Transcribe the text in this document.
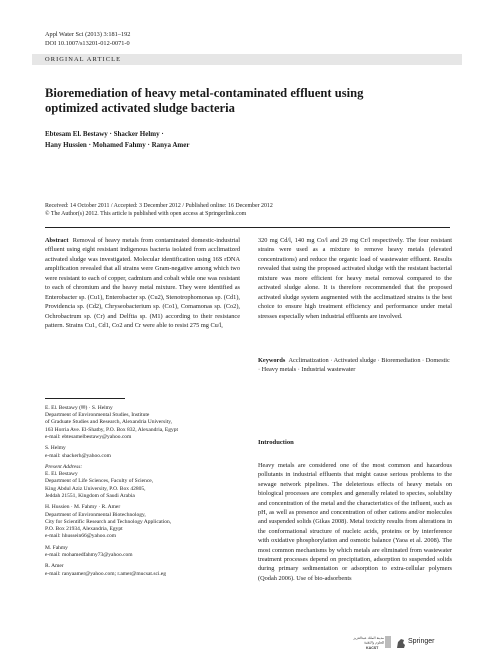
Appl Water Sci (2013) 3:181–192
DOI 10.1007/s13201-012-0071-0
ORIGINAL ARTICLE
Bioremediation of heavy metal-contaminated effluent using optimized activated sludge bacteria
Ebtesam El. Bestawy · Shacker Helmy ·
Hany Hussien · Mohamed Fahmy · Ranya Amer
Received: 14 October 2011 / Accepted: 3 December 2012 / Published online: 16 December 2012
© The Author(s) 2012. This article is published with open access at Springerlink.com

Abstract Removal of heavy metals from contaminated domestic-industrial effluent using eight resistant indigenous bacteria isolated from acclimatized activated sludge was investigated. Molecular identification using 16S rDNA amplification revealed that all strains were Gram-negative among which two were resistant to each of copper, cadmium and cobalt while one was resistant to each of chromium and the heavy metal mixture. They were identified as Enterobacter sp. (Cu1), Enterobacter sp. (Cu2), Stenotrophomonas sp. (Cd1), Providencia sp. (Cd2), Chryseobacterium sp. (Co1), Comamonas sp. (Co2), Ochrobactrum sp. (Cr) and Delftia sp. (M1) according to their resistance pattern. Strains Cu1, Cd1, Co2 and Cr were able to resist 275 mg Cu/l,

E. El. Bestawy (✉) · S. Helmy
Department of Environmental Studies, Institute
of Graduate Studies and Research, Alexandria University,
163 Horria Ave. El-Shatby, P.O. Box 832, Alexandria, Egypt
e-mail: ebtesamelbestawy@yahoo.com

S. Helmy
e-mail: shackerh@yahoo.com

Present Address:
E. El. Bestawy
Department of Life Sciences, Faculty of Science,
King Abdul Aziz University, P.O. Box 42805,
Jeddah 21551, Kingdom of Saudi Arabia

H. Hussien · M. Fahmy · R. Amer
Department of Environmental Biotechnology,
City for Scientific Research and Technology Application,
P.O. Box 21934, Alexandria, Egypt
e-mail: hhussein66@yahoo.com

M. Fahmy
e-mail: mohamedfahmy73@yahoo.com

R. Amer
e-mail: ranyaamer@yahoo.com; r.amer@mucsat.sci.eg

320 mg Cd/l, 140 mg Co/l and 29 mg Cr/l respectively. The four resistant strains were used as a mixture to remove heavy metals (elevated concentrations) and reduce the organic load of wastewater effluent. Results revealed that using the proposed activated sludge with the resistant bacterial mixture was more efficient for heavy metal removal compared to the activated sludge alone. It is therefore recommended that the proposed activated sludge system augmented with the acclimatized strains is the best choice to ensure high treatment efficiency and performance under metal stresses especially when industrial effluents are involved.

Keywords Acclimatization · Activated sludge · Bioremediation · Domestic · Heavy metals · Industrial wastewater
Introduction
Heavy metals are considered one of the most common and hazardous pollutants in industrial effluents that might cause serious problems to the sewage network pipelines. The deleterious effects of heavy metals on biological processes are complex and generally related to species, solubility and concentration of the metal and the characteristics of the influent, such as pH, as well as presence and concentration of other cations and/or molecules and suspended solids (Gikas 2008). Metal toxicity results from alterations in the conformational structure of nucleic acids, proteins or by interference with oxidative phosphorylation and osmotic balance (Yaoa et al. 2008). The most common mechanisms by which metals are eliminated from wastewater treatment processes depend on precipitation, adsorption to suspended solids during primary sedimentation or adsorption to extra-cellular polymers (Qodah 2006). Use of bio-adsorbents
مدينة الملك عبدالعزيز
للعلوم والتقنية
KACST
Springer
